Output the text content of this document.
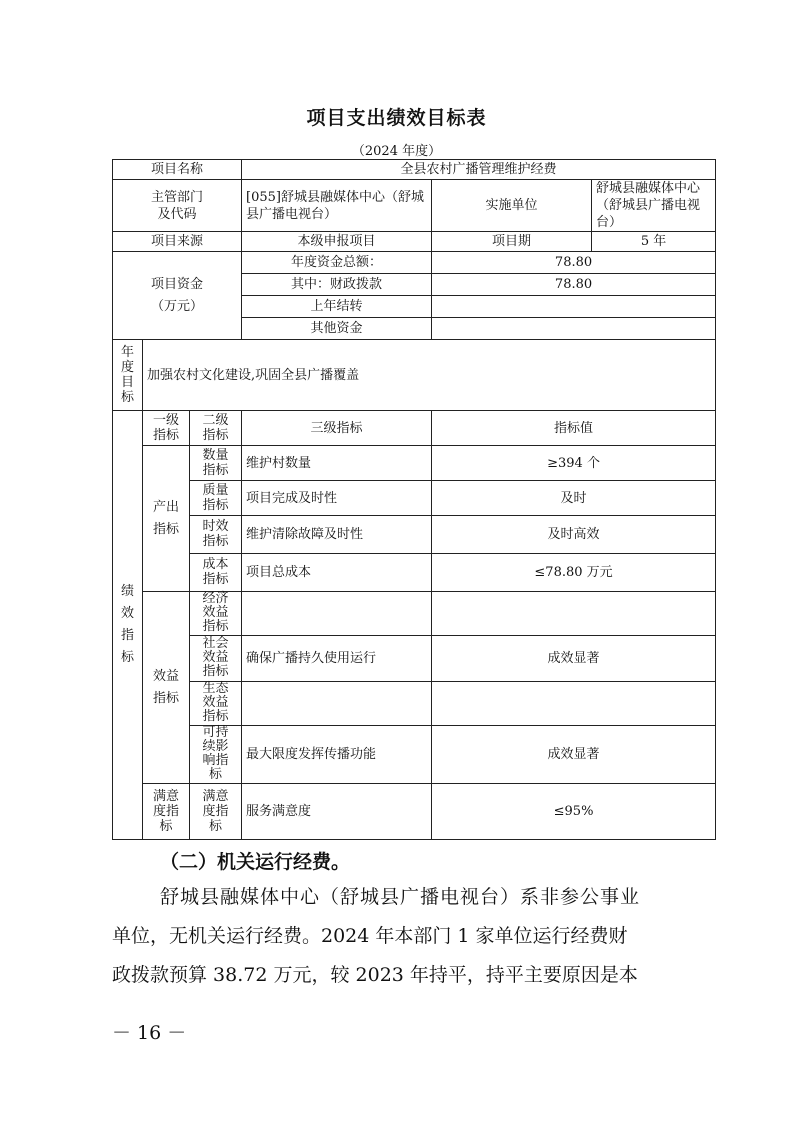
项目支出绩效目标表
（2024 年度）
项目名称			全县农村广播管理维护经费		
主管部门及代码			[055]舒城县融媒体中心（舒城县广播电视台）	实施单位	舒城县融媒体中心（舒城县广播电视台）
项目来源			本级申报项目	项目期	5 年
项目资金（万元）			年度资金总额：	78.80	
			其中：财政拨款	78.80	
			上年结转		
			其他资金		
年度目标	加强农村文化建设,巩固全县广播覆盖				
绩效指标	一级指标	二级指标	三级指标	指标值	
	产出指标	数量指标	维护村数量	≥394 个	
		质量指标	项目完成及时性	及时	
		时效指标	维护清除故障及时性	及时高效	
		成本指标	项目总成本	≤78.80 万元	
	效益指标	经济效益指标			
		社会效益指标	确保广播持久使用运行	成效显著	
		生态效益指标			
		可持续影响指标	最大限度发挥传播功能	成效显著	
	满意度指标	满意度指标	服务满意度	≤95%	
（二）机关运行经费。
舒城县融媒体中心（舒城县广播电视台）系非参公事业
单位，无机关运行经费。2024 年本部门 1 家单位运行经费财
政拨款预算 38.72 万元，较 2023 年持平，持平主要原因是本
－ 16 －
